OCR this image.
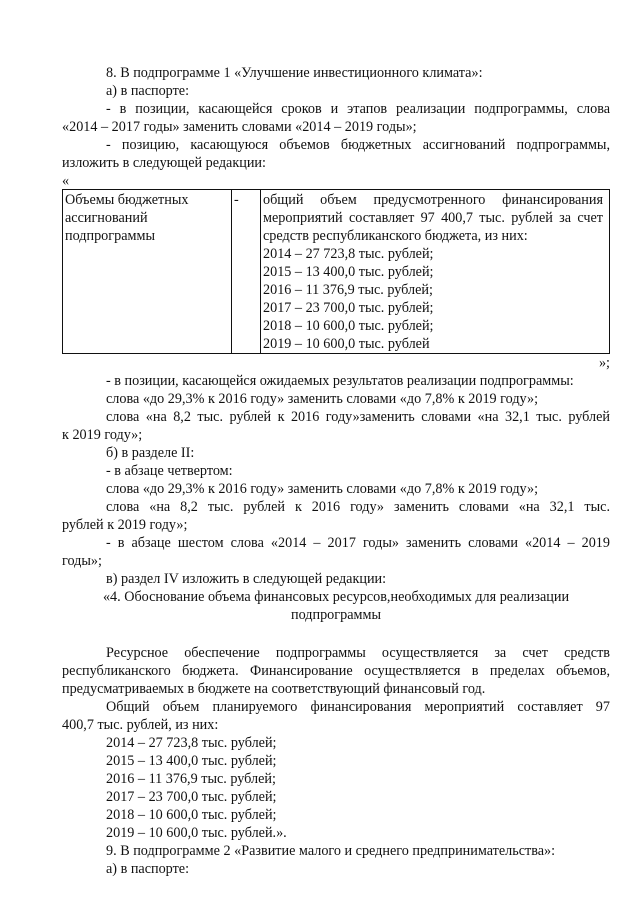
8. В подпрограмме 1 «Улучшение инвестиционного климата»:

а) в паспорте:

- в позиции, касающейся сроков и этапов реализации подпрограммы, слова

«2014 – 2017 годы» заменить словами «2014 – 2019 годы»;

- позицию, касающуюся объемов бюджетных ассигнований подпрограммы,

изложить в следующей редакции:

«

Объемы бюджетных
ассигнований
подпрограммы
	-	общий объем предусмотренного финансирования
мероприятий составляет 97 400,7 тыс. рублей за счет
средств республиканского бюджета, из них:
2014 – 27 723,8 тыс. рублей;
2015 – 13 400,0 тыс. рублей;
2016 – 11 376,9 тыс. рублей;
2017 – 23 700,0 тыс. рублей;
2018 – 10 600,0 тыс. рублей;
2019 – 10 600,0 тыс. рублей

»;

- в позиции, касающейся ожидаемых результатов реализации подпрограммы:

слова «до 29,3% к 2016 году» заменить словами «до 7,8% к 2019 году»;

слова «на 8,2 тыс. рублей к 2016 году»заменить словами «на 32,1 тыс. рублей

к 2019 году»;

б) в разделе II:

- в абзаце четвертом:

слова «до 29,3% к 2016 году» заменить словами «до 7,8% к 2019 году»;

слова «на 8,2 тыс. рублей к 2016 году» заменить словами «на 32,1 тыс.

рублей к 2019 году»;

- в абзаце шестом слова «2014 – 2017 годы» заменить словами «2014 – 2019

годы»;

в) раздел IV изложить в следующей редакции:

«4. Обоснование объема финансовых ресурсов,необходимых для реализации

подпрограммы

Ресурсное обеспечение подпрограммы осуществляется за счет средств

республиканского бюджета. Финансирование осуществляется в пределах объемов,

предусматриваемых в бюджете на соответствующий финансовый год.

Общий объем планируемого финансирования мероприятий составляет 97

400,7 тыс. рублей, из них:

2014 – 27 723,8 тыс. рублей;

2015 – 13 400,0 тыс. рублей;

2016 – 11 376,9 тыс. рублей;

2017 – 23 700,0 тыс. рублей;

2018 – 10 600,0 тыс. рублей;

2019 – 10 600,0 тыс. рублей.».

9. В подпрограмме 2 «Развитие малого и среднего предпринимательства»:

а) в паспорте:
